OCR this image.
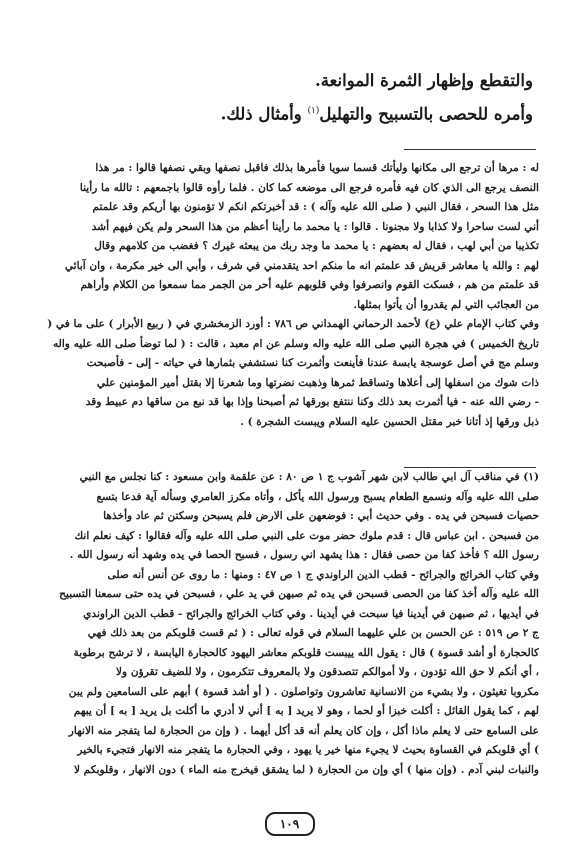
والتقطع وإظهار الثمرة الموانعة.

وأمره للحصى بالتسبيح والتهليل$^{(١)}$ وأمثال ذلك.

له : مرها أن ترجع الى مكانها وليأتك قسما سويا فأمرها بذلك فاقبل نصفها وبقي نصفها قالوا : مر هذا

النصف يرجع الى الذي كان فيه فأمره فرجع الى موضعه كما كان . فلما رأوه قالوا باجمعهم : تالله ما رأينا

مثل هذا السحر ، فقال النبي ( صلى الله عليه وآله ) : قد أخبرتكم انكم لا تؤمنون بها أريكم وقد علمتم

أني لست ساحرا ولا كذابا ولا مجنونا . قالوا : يا محمد ما رأينا أعظم من هذا السحر ولم يكن فيهم أشد

تكذيبا من أبي لهب ، فقال له بعضهم : يا محمد ما وجد ربك من يبعثه غيرك ؟ فغضب من كلامهم وقال

لهم : والله يا معاشر قريش قد علمتم انه ما منكم احد يتقدمني في شرف ، وأبي الى خير مكرمة ، وان آبائي

قد علمتم من هم ، فسكت القوم وانصرفوا وفي قلوبهم عليه أحر من الجمر مما سمعوا من الكلام وأراهم

من العجائب التي لم يقدروا أن يأتوا بمثلها.

وفي كتاب الإمام علي (ع) لأحمد الرحماني الهمداني ص ٧٨٦ : أورد الزمخشري في ( ربيع الأبرار ) على ما في (

تاريخ الخميس ) في هجرة النبي صلى الله عليه واله وسلم عن ام معبد ، قالت : ( لما توضأ صلى الله عليه واله

وسلم مج في أصل عوسجة يابسة عندنا فأينعت وأثمرت كنا نستشفي بثمارها في حياته - إلى - فأصبحت

ذات شوك من اسفلها إلى أعلاها وتساقط ثمرها وذهبت نضرتها وما شعرنا إلا بقتل أمير المؤمنين علي

- رضي الله عنه - فيا أثمرت بعد ذلك وكنا ننتفع بورقها ثم أصبحنا وإذا بها قد نبع من ساقها دم عبيط وقد

ذبل ورقها إذ أتانا خبر مقتل الحسين عليه السلام ويبست الشجرة ) .

(١) في مناقب آل ابي طالب لابن شهر آشوب ج ١ ص ٨٠ : عن علقمة وابن مسعود : كنا نجلس مع النبي

صلى الله عليه وآله ونسمع الطعام يسبح ورسول الله يأكل ، وأتاه مكرز العامري وسأله آية فدعا بتسع

حصيات فسبحن في يده . وفي حديث أبي : فوضعهن على الارض فلم يسبحن وسكتن ثم عاد وأخذها

من فسبحن . ابن عباس قال : قدم ملوك حضر موت على النبي صلى الله عليه وآله فقالوا : كيف نعلم انك

رسول الله ؟ فأخذ كفا من حصى فقال : هذا يشهد اني رسول ، فسبح الحصا في يده وشهد أنه رسول الله .

وفي كتاب الخرائج والجرائح - قطب الدين الراوندي ج ١ ص ٤٧ : ومنها : ما روى عن أنس أنه صلى

الله عليه وآله أخذ كفا من الحصى فسبحن في يده ثم صبهن في يد علي ، فسبحن في يده حتى سمعنا التسبيح

في أيديها ، ثم صبهن في أيدينا فيا سبحت في أيدينا . وفي كتاب الخرائج والجرائح - قطب الدين الراوندي

ج ٢ ص ٥١٩ : عن الحسن بن علي عليهما السلام في قوله تعالى : ( ثم قست قلوبكم من بعد ذلك فهي

كالحجارة أو أشد قسوة ) قال : يقول الله ييبست قلوبكم معاشر اليهود كالحجارة اليابسة ، لا ترشح برطوبة

، أي أنكم لا حق الله تؤدون ، ولا أموالكم تتصدقون ولا بالمعروف تتكرمون ، ولا للضيف تقرؤن ولا

مكروبا تغيثون ، ولا بشيء من الانسانية تعاشرون وتواصلون . ( أو أشد قسوة ) أبهم على السامعين ولم يبن

لهم ، كما يقول القائل : أكلت خبزا أو لحما ، وهو لا يريد [ به ] أني لا أدري ما أكلت بل يريد [ به ] أن يبهم

على السامع حتى لا يعلم ماذا أكل ، وإن كان يعلم أنه قد أكل أيهما . ( وإن من الحجارة لما يتفجر منه الانهار

) أي قلوبكم في القساوة بحيث لا يجيء منها خير يا يهود ، وفي الحجارة ما يتفجر منه الانهار فتجيء بالخير

والنبات لبني آدم . (وإن منها ) أي وإن من الحجارة ( لما يشقق فيخرج منه الماء ) دون الانهار ، وقلوبكم لا

١٠٩
